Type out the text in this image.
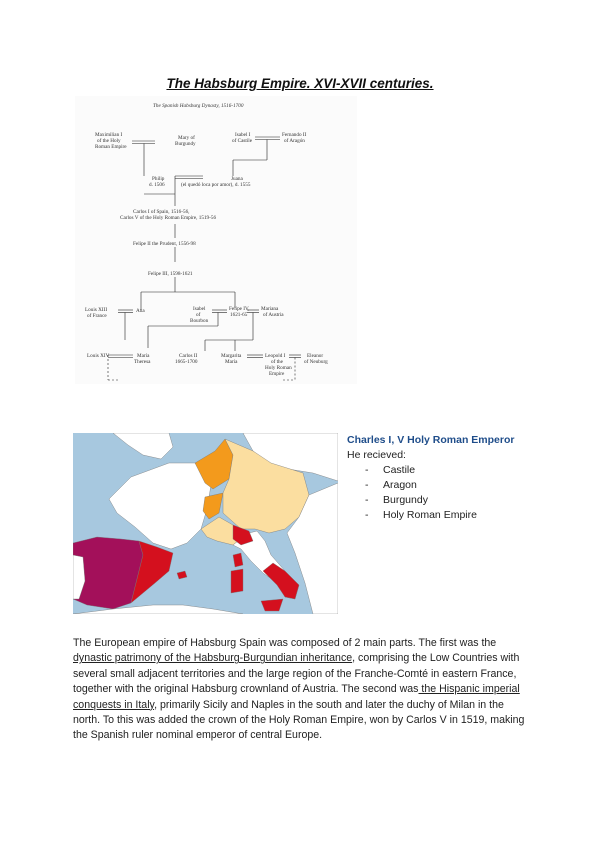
The Habsburg Empire. XVI-XVII centuries.
The Spanish Habsburg Dynasty, 1516-1700
Maximilian I of the Holy Roman Empire
Mary of Burgundy
Isabel I of Castile
Fernando II of Aragón
Philip d. 1506
Juana (el quedó loca por amor), d. 1555
Carlos I of Spain, 1516-56, Carlos V of the Holy Roman Empire, 1519-56
Felipe II the Prudent, 1556-98
Felipe III, 1598-1621
Louis XIII of France
Ana	Isabel of Bourbon
Felipe IV, 1621-65
Mariana of Austria
Louis XIV	María Theresa
Carlos II 1665-1700
Margarita María
Leopold I of the Holy Roman Empire
Eleanor of Neuburg
Charles I, V Holy Roman Emperor
He recieved:
- Castile
- Aragon
- Burgundy
- Holy Roman Empire
The European empire of Habsburg Spain was composed of 2 main parts. The first was the dynastic patrimony of the Habsburg-Burgundian inheritance, comprising the Low Countries with several small adjacent territories and the large region of the Franche-Comté in eastern France, together with the original Habsburg crownland of Austria. The second was the Hispanic imperial conquests in Italy, primarily Sicily and Naples in the south and later the duchy of Milan in the north. To this was added the crown of the Holy Roman Empire, won by Carlos V in 1519, making the Spanish ruler nominal emperor of central Europe.
